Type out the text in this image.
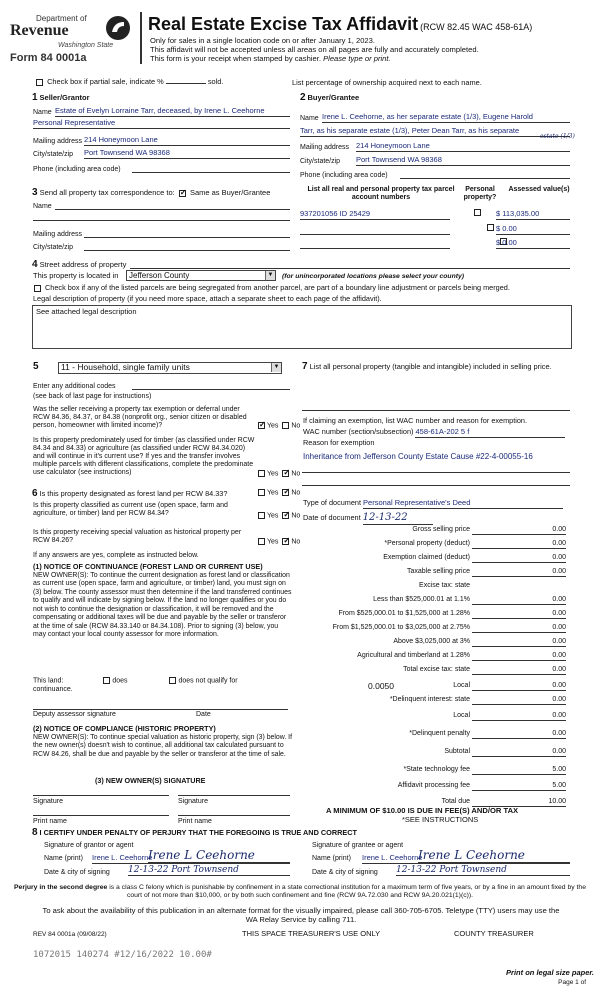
Department of
Revenue
Washington State
Form 84 0001a
Real Estate Excise Tax Affidavit (RCW 82.45 WAC 458-61A)
Only for sales in a single location code on or after January 1, 2023.
This affidavit will not be accepted unless all areas on all pages are fully and accurately completed.
This form is your receipt when stamped by cashier. Please type or print.
Check box if partial sale, indicate %	sold.	List percentage of ownership acquired next to each name.
1 Seller/Grantor
Name Estate of Evelyn Lorraine Tarr, deceased, by Irene L. Ceehorne
Personal Representative
Mailing address 214 Honeymoon Lane
City/state/zip Port Townsend WA 98368
Phone (including area code)
2 Buyer/Grantee
Name Irene L. Ceehorne, as her separate estate (1/3), Eugene Harold
Tarr, as his separate estate (1/3), Peter Dean Tarr, as his separate
estate (1/3)
Mailing address 214 Honeymoon Lane
City/state/zip Port Townsend WA 98368
Phone (including area code)
3 Send all property tax correspondence to: ✓ Same as Buyer/Grantee
Name
Mailing address
City/state/zip
List all real and personal property tax parcel account numbers
Personal property?
Assessed value(s)
937201056 ID 25429
	$ 113,035.00

$ 0.00
$ 0.00
4 Street address of property
This property is located in	Jefferson County	▼ (for unincorporated locations please select your county)
Check box if any of the listed parcels are being segregated from another parcel, are part of a boundary line adjustment or parcels being merged.
Legal description of property (if you need more space, attach a separate sheet to each page of the affidavit).
See attached legal description
5	11 - Household, single family units	▼
Enter any additional codes
(see back of last page for instructions)
Was the seller receiving a property tax exemption or deferral under RCW 84.36, 84.37, or 84.38 (nonprofit org., senior citizen or disabled person, homeowner with limited income)? ✓	Yes No
Is this property predominately used for timber (as classified under RCW 84.34 and 84.33) or agriculture (as classified under RCW 84.34.020) and will continue in it's current use? If yes and the transfer involves multiple parcels with different classifications, complete the predominate use calculator (see instructions)	Yes ✓ No
6 Is this property designated as forest land per RCW 84.33?	Yes ✓ No
Is this property classified as current use (open space, farm and agriculture, or timber) land per RCW 84.34?	Yes ✓ No
Is this property receiving special valuation as historical property per RCW 84.26?	Yes ✓ No
If any answers are yes, complete as instructed below.
(1) NOTICE OF CONTINUANCE (FOREST LAND OR CURRENT USE)
NEW OWNER(S): To continue the current designation as forest land or classification as current use (open space, farm and agriculture, or timber) land, you must sign on (3) below. The county assessor must then determine if the land transferred continues to qualify and will indicate by signing below. If the land no longer qualifies or you do not wish to continue the designation or classification, it will be removed and the compensating or additional taxes will be due and payable by the seller or transferor at the time of sale (RCW 84.33.140 or 84.34.108). Prior to signing (3) below, you may contact your local county assessor for more information.
This land:	does	does not qualify for
continuance.
Deputy assessor signature	Date
(2) NOTICE OF COMPLIANCE (HISTORIC PROPERTY)
NEW OWNER(S): To continue special valuation as historic property, sign (3) below. If the new owner(s) doesn't wish to continue, all additional tax calculated pursuant to RCW 84.26, shall be due and payable by the seller or transferor at the time of sale.
(3) NEW OWNER(S) SIGNATURE
Signature	Signature
Print name	Print name
7 List all personal property (tangible and intangible) included in selling price.
If claiming an exemption, list WAC number and reason for exemption.
WAC number (section/subsection) 458-61A-202 5 f
Reason for exemption
Inheritance from Jefferson County Estate Cause #22-4-00055-16
Type of document Personal Representative's Deed
Date of document 12-13-22
Gross selling price	0.00
*Personal property (deduct)	0.00
Exemption claimed (deduct)	0.00
Taxable selling price	0.00
Excise tax: state
Less than $525,000.01 at 1.1%	0.00
From $525,000.01 to $1,525,000 at 1.28%	0.00
From $1,525,000.01 to $3,025,000 at 2.75%	0.00
Above $3,025,000 at 3%	0.00
Agricultural and timberland at 1.28%	0.00
Total excise tax: state	0.00
0.0050	Local	0.00
*Delinquent interest: state	0.00
Local	0.00
*Delinquent penalty	0.00
Subtotal	0.00
*State technology fee	5.00
Affidavit processing fee	5.00
Total due	10.00
A MINIMUM OF $10.00 IS DUE IN FEE(S) AND/OR TAX
*SEE INSTRUCTIONS
8 I CERTIFY UNDER PENALTY OF PERJURY THAT THE FOREGOING IS TRUE AND CORRECT
Signature of grantor or agent
Irene L Ceehorne
Name (print) Irene L. Ceehorne
Date & city of signing 12-13-22 Port Townsend
Signature of grantee or agent
Irene L Ceehorne
Name (print) Irene L. Ceehorne
Date & city of signing 12-13-22 Port Townsend
Perjury in the second degree is a class C felony which is punishable by confinement in a state correctional institution for a maximum term of five years, or by a fine in an amount fixed by the court of not more than $10,000, or by both such confinement and fine (RCW 9A.72.030 and RCW 9A.20.021(1)(c)).
To ask about the availability of this publication in an alternate format for the visually impaired, please call 360-705-6705. Teletype (TTY) users may use the WA Relay Service by calling 711.
REV 84 0001a (09/08/22)	THIS SPACE TREASURER'S USE ONLY	COUNTY TREASURER
1072015 140274 #12/16/2022 10.00#
Print on legal size paper.
Page 1 of
